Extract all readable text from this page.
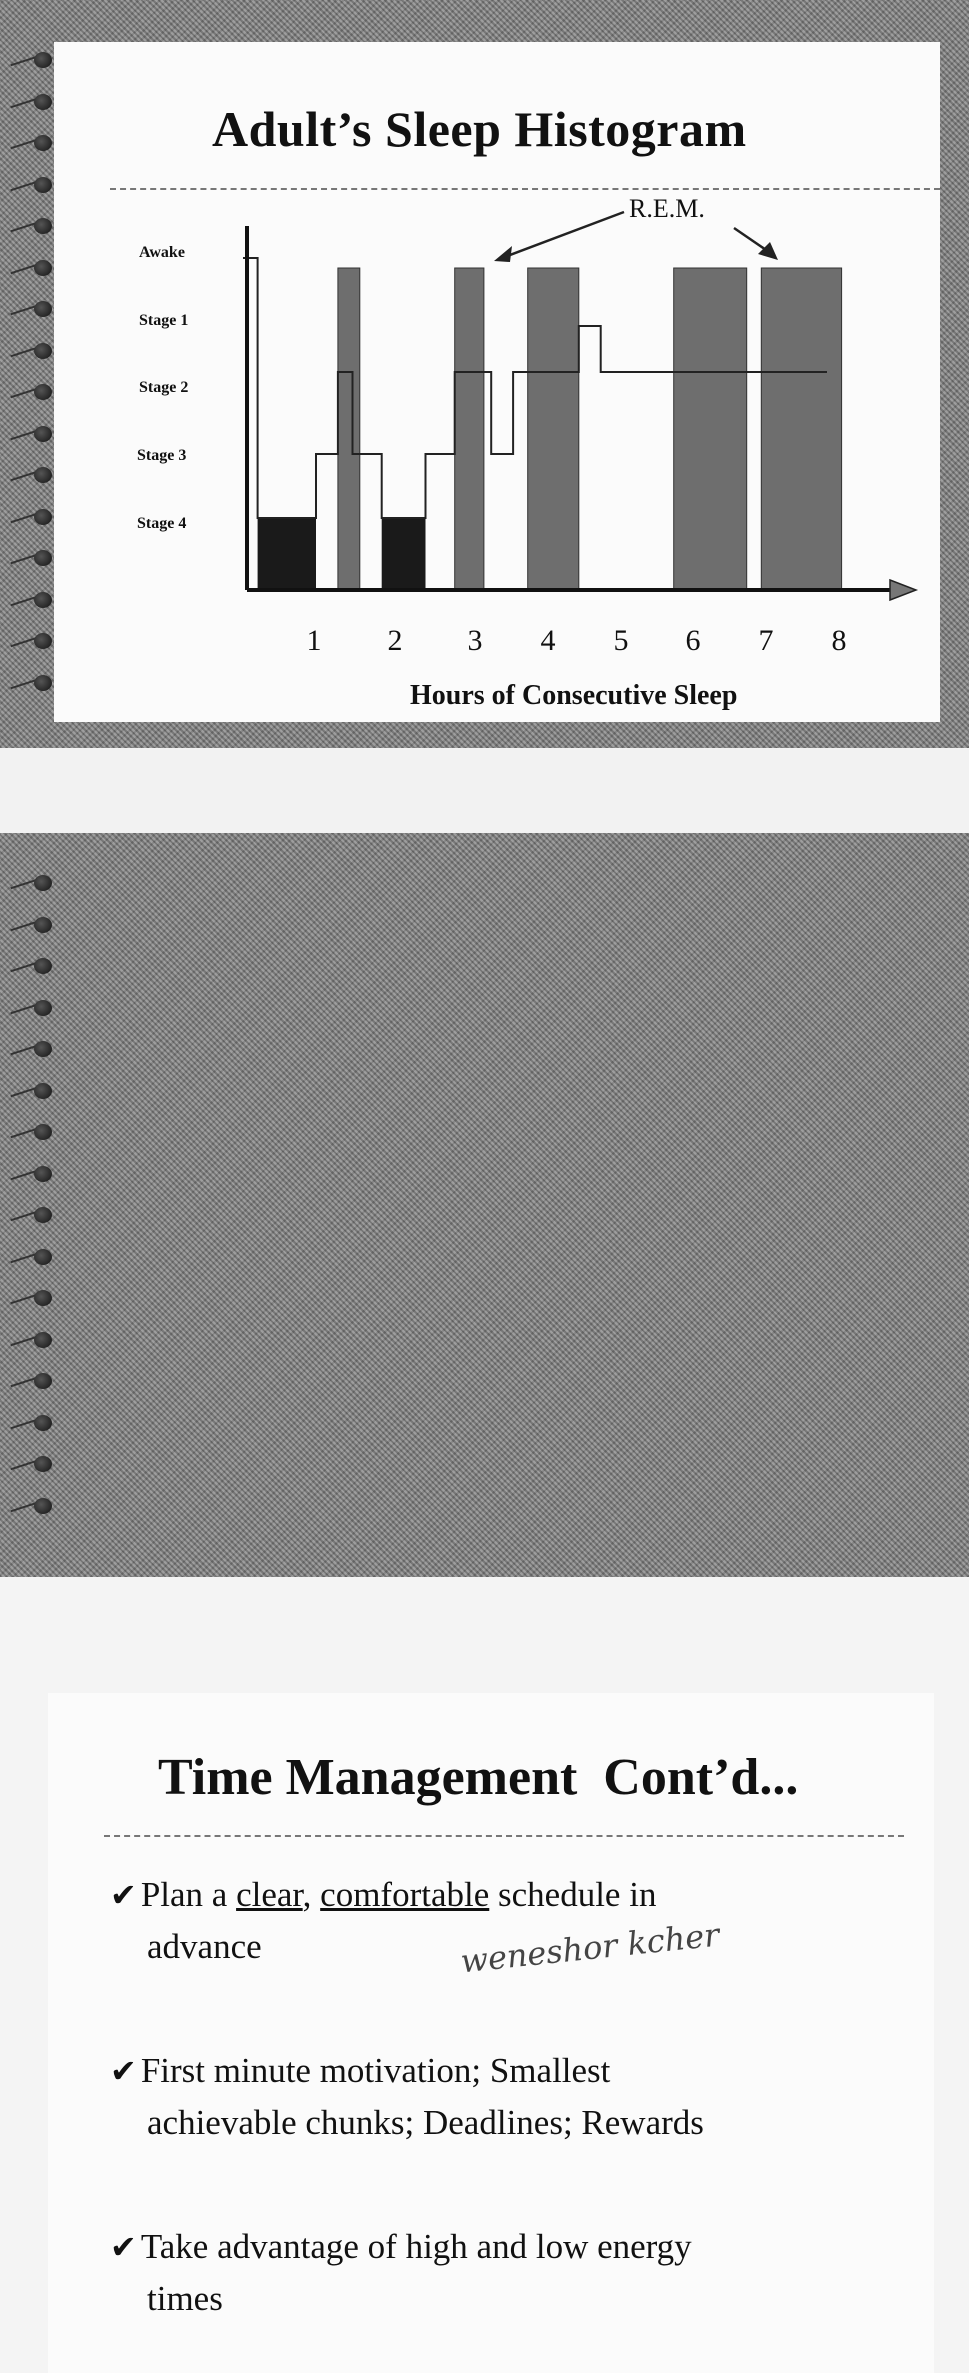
Adult’s Sleep Histogram
Awake
Stage 1
Stage 2
Stage 3
Stage 4
1 2 3 4 5 6 7 8
Hours of Consecutive Sleep
R.E.M.
Time Management  Cont’d...
✔ Plan a clear, comfortable schedule in
advance	weneshor kcher
✔ First minute motivation; Smallest
achievable chunks; Deadlines; Rewards
✔ Take advantage of high and low energy
times
